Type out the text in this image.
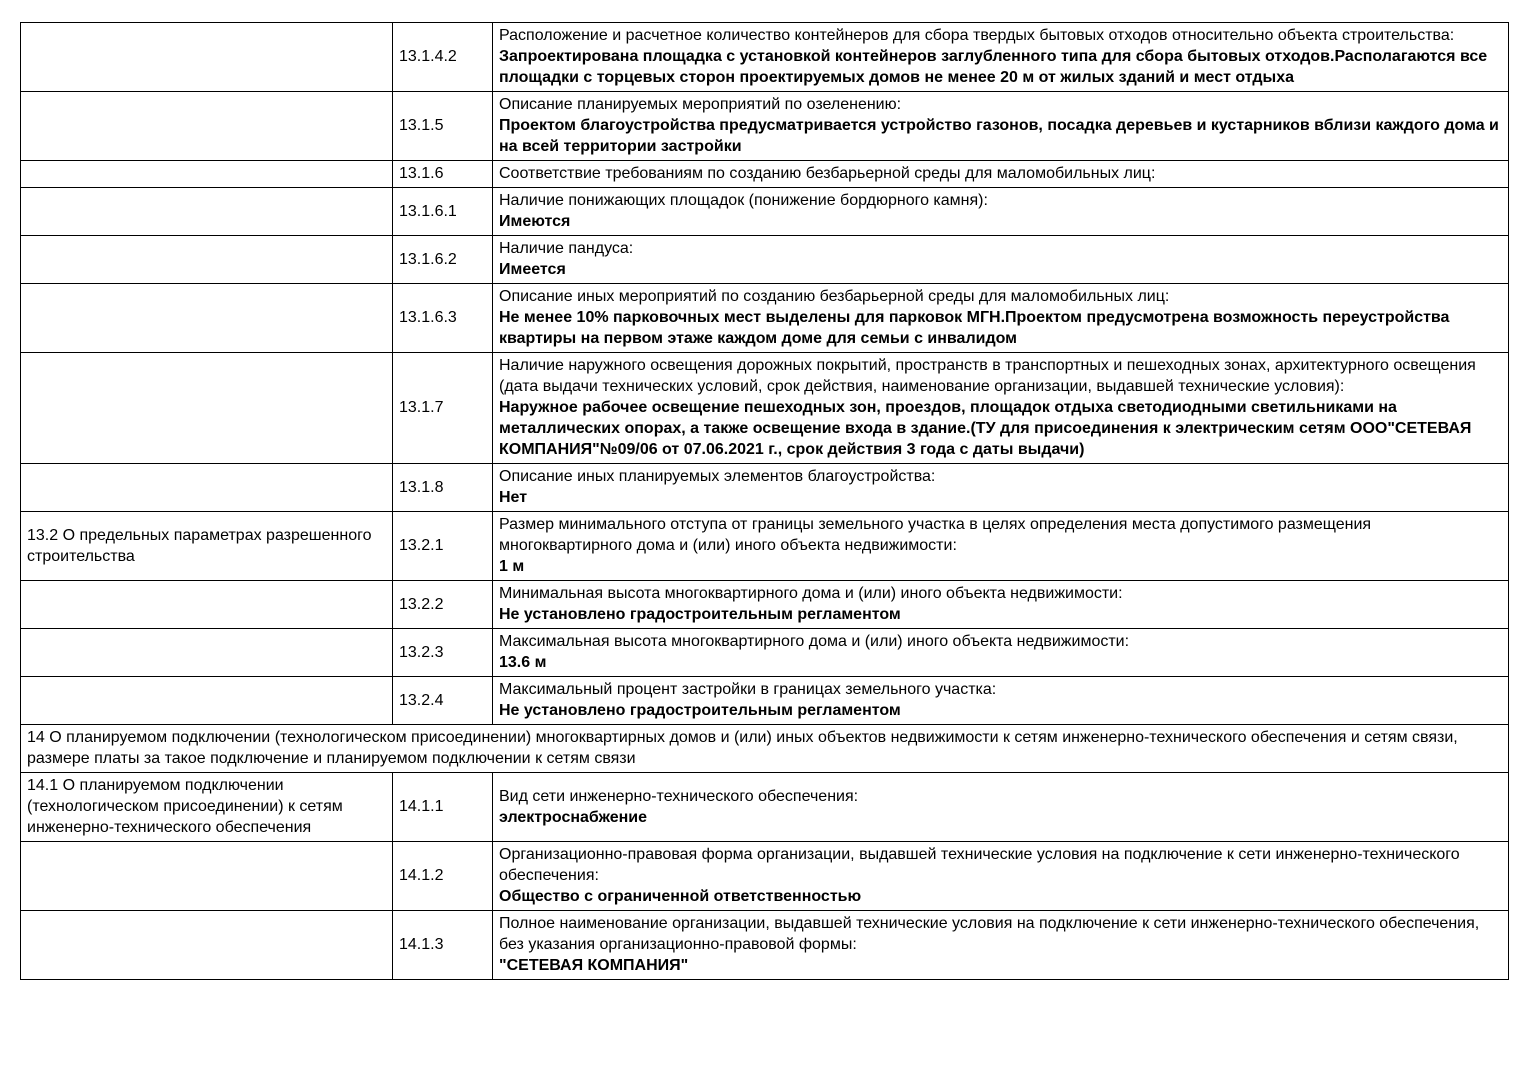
	13.1.4.2	Расположение и расчетное количество контейнеров для сбора твердых бытовых отходов относительно объекта строительства:
Запроектирована площадка с установкой контейнеров заглубленного типа для сбора бытовых отходов.Располагаются все площадки с торцевых сторон проектируемых домов не менее 20 м от жилых зданий и мест отдыха

	13.1.5	Описание планируемых мероприятий по озеленению:
Проектом благоустройства предусматривается устройство газонов, посадка деревьев и кустарников вблизи каждого дома и на всей территории застройки

	13.1.6	Соответствие требованиям по созданию безбарьерной среды для маломобильных лиц:

	13.1.6.1	Наличие понижающих площадок (понижение бордюрного камня):
Имеются

	13.1.6.2	Наличие пандуса:
Имеется

	13.1.6.3	Описание иных мероприятий по созданию безбарьерной среды для маломобильных лиц:
Не менее 10% парковочных мест выделены для парковок МГН.Проектом предусмотрена возможность переустройства квартиры на первом этаже каждом доме для семьи с инвалидом

	13.1.7	Наличие наружного освещения дорожных покрытий, пространств в транспортных и пешеходных зонах, архитектурного освещения (дата выдачи технических условий, срок действия, наименование организации, выдавшей технические условия):
Наружное рабочее освещение пешеходных зон, проездов, площадок отдыха светодиодными светильниками на металлических опорах, а также освещение входа в здание.(ТУ для присоединения к электрическим сетям ООО"СЕТЕВАЯ КОМПАНИЯ"№09/06 от 07.06.2021 г., срок действия 3 года с даты выдачи)

	13.1.8	Описание иных планируемых элементов благоустройства:
Нет

13.2 О предельных параметрах разрешенного строительства	13.2.1	Размер минимального отступа от границы земельного участка в целях определения места допустимого размещения многоквартирного дома и (или) иного объекта недвижимости:
1 м

	13.2.2	Минимальная высота многоквартирного дома и (или) иного объекта недвижимости:
Не установлено градостроительным регламентом

	13.2.3	Максимальная высота многоквартирного дома и (или) иного объекта недвижимости:
13.6 м

	13.2.4	Максимальный процент застройки в границах земельного участка:
Не установлено градостроительным регламентом

14 О планируемом подключении (технологическом присоединении) многоквартирных домов и (или) иных объектов недвижимости к сетям инженерно-технического обеспечения и сетям связи, размере платы за такое подключение и планируемом подключении к сетям связи		
14.1 О планируемом подключении (технологическом присоединении) к сетям инженерно-технического обеспечения	14.1.1	Вид сети инженерно-технического обеспечения:
электроснабжение

	14.1.2	Организационно-правовая форма организации, выдавшей технические условия на подключение к сети инженерно-технического обеспечения:
Общество с ограниченной ответственностью

	14.1.3	Полное наименование организации, выдавшей технические условия на подключение к сети инженерно-технического обеспечения, без указания организационно-правовой формы:
"СЕТЕВАЯ КОМПАНИЯ"
